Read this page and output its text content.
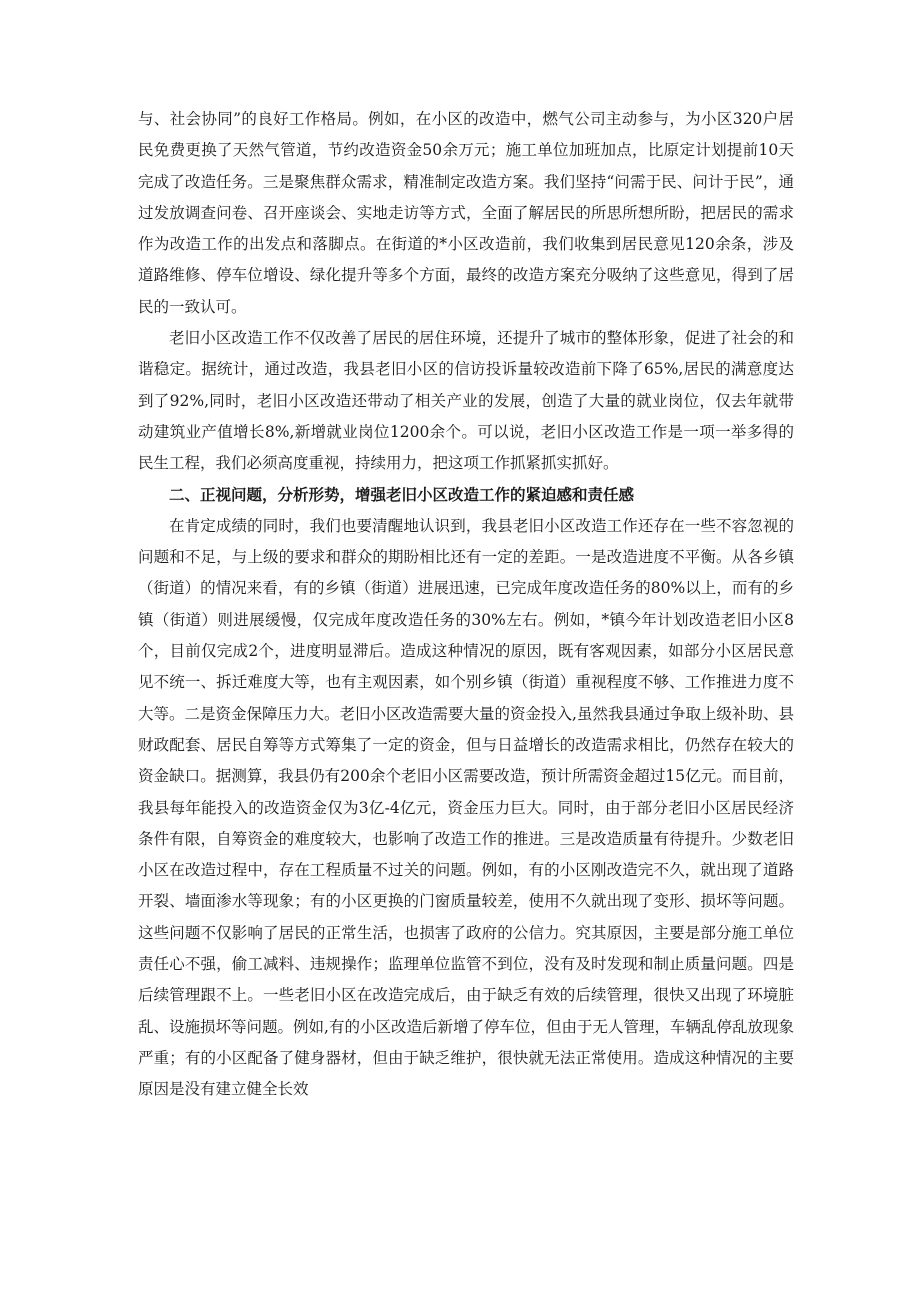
与、社会协同”的良好工作格局。例如，在小区的改造中，燃气公司主动参与，为小区320户居民免费更换了天然气管道，节约改造资金50余万元；施工单位加班加点，比原定计划提前10天完成了改造任务。三是聚焦群众需求，精准制定改造方案。我们坚持“问需于民、问计于民”，通过发放调查问卷、召开座谈会、实地走访等方式，全面了解居民的所思所想所盼，把居民的需求作为改造工作的出发点和落脚点。在街道的*小区改造前，我们收集到居民意见120余条，涉及道路维修、停车位增设、绿化提升等多个方面，最终的改造方案充分吸纳了这些意见，得到了居民的一致认可。

老旧小区改造工作不仅改善了居民的居住环境，还提升了城市的整体形象，促进了社会的和谐稳定。据统计，通过改造，我县老旧小区的信访投诉量较改造前下降了65%,居民的满意度达到了92%,同时，老旧小区改造还带动了相关产业的发展，创造了大量的就业岗位，仅去年就带动建筑业产值增长8%,新增就业岗位1200余个。可以说，老旧小区改造工作是一项一举多得的民生工程，我们必须高度重视，持续用力，把这项工作抓紧抓实抓好。

二、正视问题，分析形势，增强老旧小区改造工作的紧迫感和责任感

在肯定成绩的同时，我们也要清醒地认识到，我县老旧小区改造工作还存在一些不容忽视的问题和不足，与上级的要求和群众的期盼相比还有一定的差距。一是改造进度不平衡。从各乡镇（街道）的情况来看，有的乡镇（街道）进展迅速，已完成年度改造任务的80%以上，而有的乡镇（街道）则进展缓慢，仅完成年度改造任务的30%左右。例如，*镇今年计划改造老旧小区8个，目前仅完成2个，进度明显滞后。造成这种情况的原因，既有客观因素，如部分小区居民意见不统一、拆迁难度大等，也有主观因素，如个别乡镇（街道）重视程度不够、工作推进力度不大等。二是资金保障压力大。老旧小区改造需要大量的资金投入,虽然我县通过争取上级补助、县财政配套、居民自筹等方式筹集了一定的资金，但与日益增长的改造需求相比，仍然存在较大的资金缺口。据测算，我县仍有200余个老旧小区需要改造，预计所需资金超过15亿元。而目前，我县每年能投入的改造资金仅为3亿-4亿元，资金压力巨大。同时，由于部分老旧小区居民经济条件有限，自筹资金的难度较大，也影响了改造工作的推进。三是改造质量有待提升。少数老旧小区在改造过程中，存在工程质量不过关的问题。例如，有的小区刚改造完不久，就出现了道路开裂、墙面渗水等现象；有的小区更换的门窗质量较差，使用不久就出现了变形、损坏等问题。这些问题不仅影响了居民的正常生活，也损害了政府的公信力。究其原因，主要是部分施工单位责任心不强，偷工减料、违规操作；监理单位监管不到位，没有及时发现和制止质量问题。四是后续管理跟不上。一些老旧小区在改造完成后，由于缺乏有效的后续管理，很快又出现了环境脏乱、设施损坏等问题。例如,有的小区改造后新增了停车位，但由于无人管理，车辆乱停乱放现象严重；有的小区配备了健身器材，但由于缺乏维护，很快就无法正常使用。造成这种情况的主要原因是没有建立健全长效
